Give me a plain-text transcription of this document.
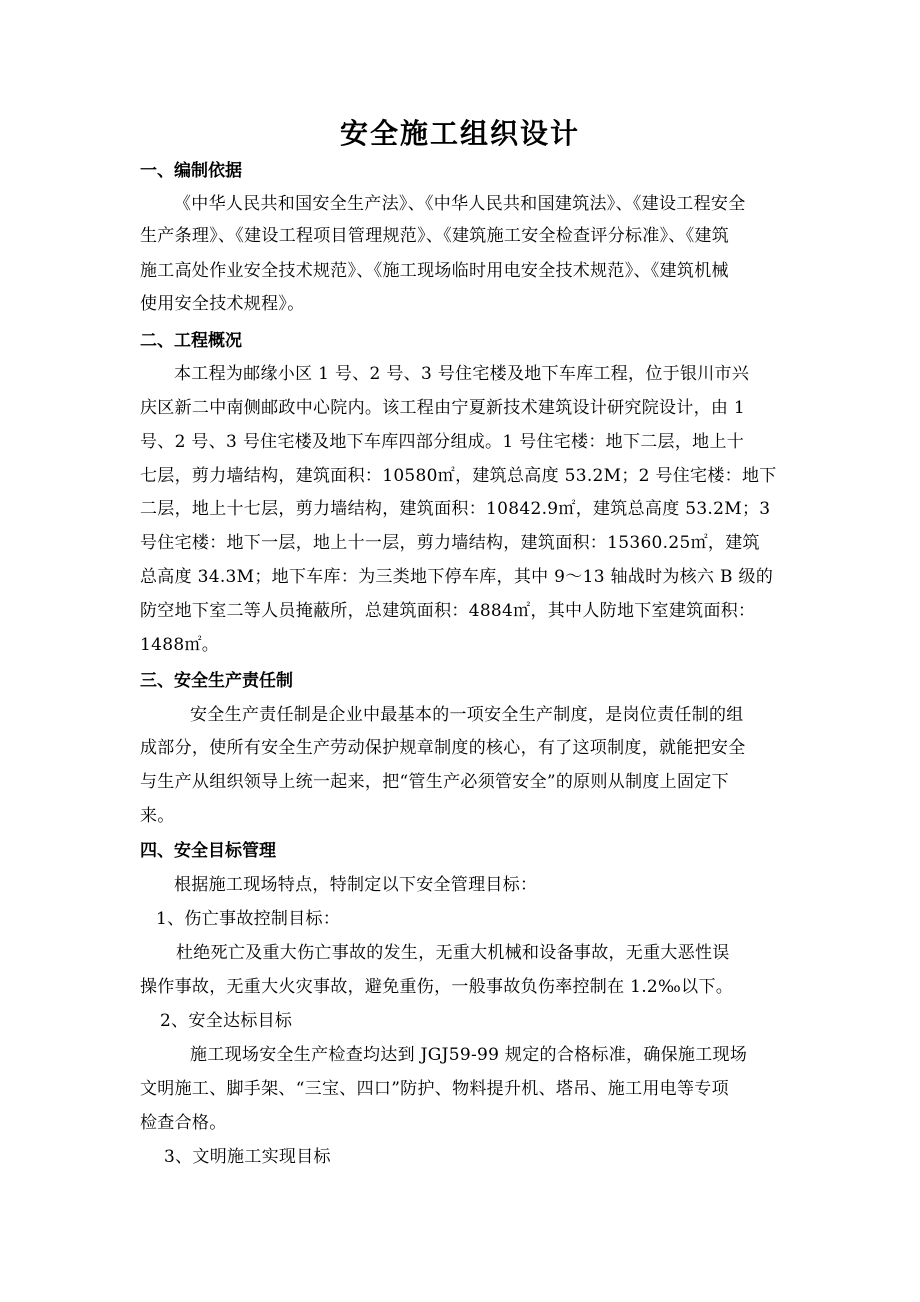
安全施工组织设计
一、编制依据
《中华人民共和国安全生产法》、《中华人民共和国建筑法》、《建设工程安全
生产条理》、《建设工程项目管理规范》、《建筑施工安全检查评分标准》、《建筑
施工高处作业安全技术规范》、《施工现场临时用电安全技术规范》、《建筑机械
使用安全技术规程》。
二、工程概况
本工程为邮缘小区 1 号、2 号、3 号住宅楼及地下车库工程，位于银川市兴
庆区新二中南侧邮政中心院内。该工程由宁夏新技术建筑设计研究院设计，由 1
号、2 号、3 号住宅楼及地下车库四部分组成。1 号住宅楼：地下二层，地上十
七层，剪力墙结构，建筑面积：10580㎡，建筑总高度 53.2M；2 号住宅楼：地下
二层，地上十七层，剪力墙结构，建筑面积：10842.9㎡，建筑总高度 53.2M；3
号住宅楼：地下一层，地上十一层，剪力墙结构，建筑面积：15360.25㎡，建筑
总高度 34.3M；地下车库：为三类地下停车库，其中 9～13 轴战时为核六 B 级的
防空地下室二等人员掩蔽所，总建筑面积：4884㎡，其中人防地下室建筑面积：
1488㎡。
三、安全生产责任制
安全生产责任制是企业中最基本的一项安全生产制度，是岗位责任制的组
成部分，使所有安全生产劳动保护规章制度的核心，有了这项制度，就能把安全
与生产从组织领导上统一起来，把“管生产必须管安全”的原则从制度上固定下
来。
四、安全目标管理
根据施工现场特点，特制定以下安全管理目标：
1、伤亡事故控制目标：
杜绝死亡及重大伤亡事故的发生，无重大机械和设备事故，无重大恶性误
操作事故，无重大火灾事故，避免重伤，一般事故负伤率控制在 1.2‰以下。
2、安全达标目标
施工现场安全生产检查均达到 JGJ59-99 规定的合格标准，确保施工现场
文明施工、脚手架、“三宝、四口”防护、物料提升机、塔吊、施工用电等专项
检查合格。
3、文明施工实现目标
